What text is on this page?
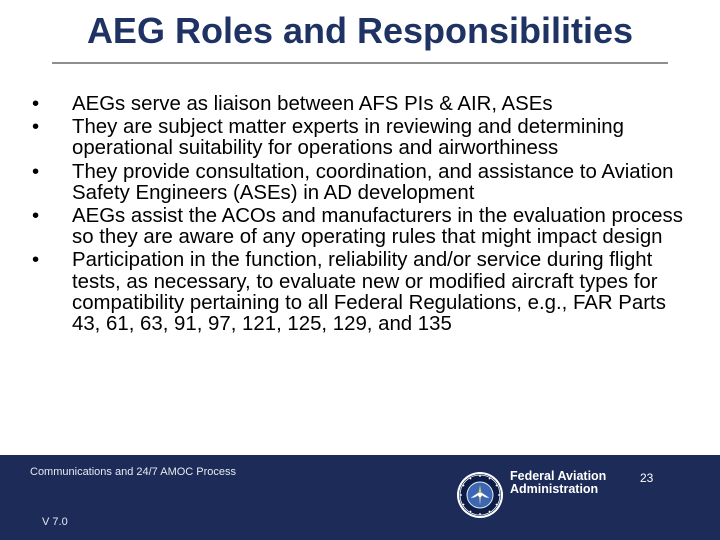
AEG Roles and Responsibilities
• AEGs serve as liaison between AFS PIs & AIR, ASEs
• They are subject matter experts in reviewing and determining operational suitability for operations and airworthiness
• They provide consultation, coordination, and assistance to Aviation Safety Engineers (ASEs) in AD development
• AEGs assist the ACOs and manufacturers in the evaluation process so they are aware of any operating rules that might impact design
• Participation in the function, reliability and/or service during flight tests, as necessary, to evaluate new or modified aircraft types for compatibility pertaining to all Federal Regulations, e.g., FAR Parts 43, 61, 63, 91, 97, 121, 125, 129, and 135
Communications and 24/7 AMOC Process
V 7.0
Federal Aviation
Administration
23
